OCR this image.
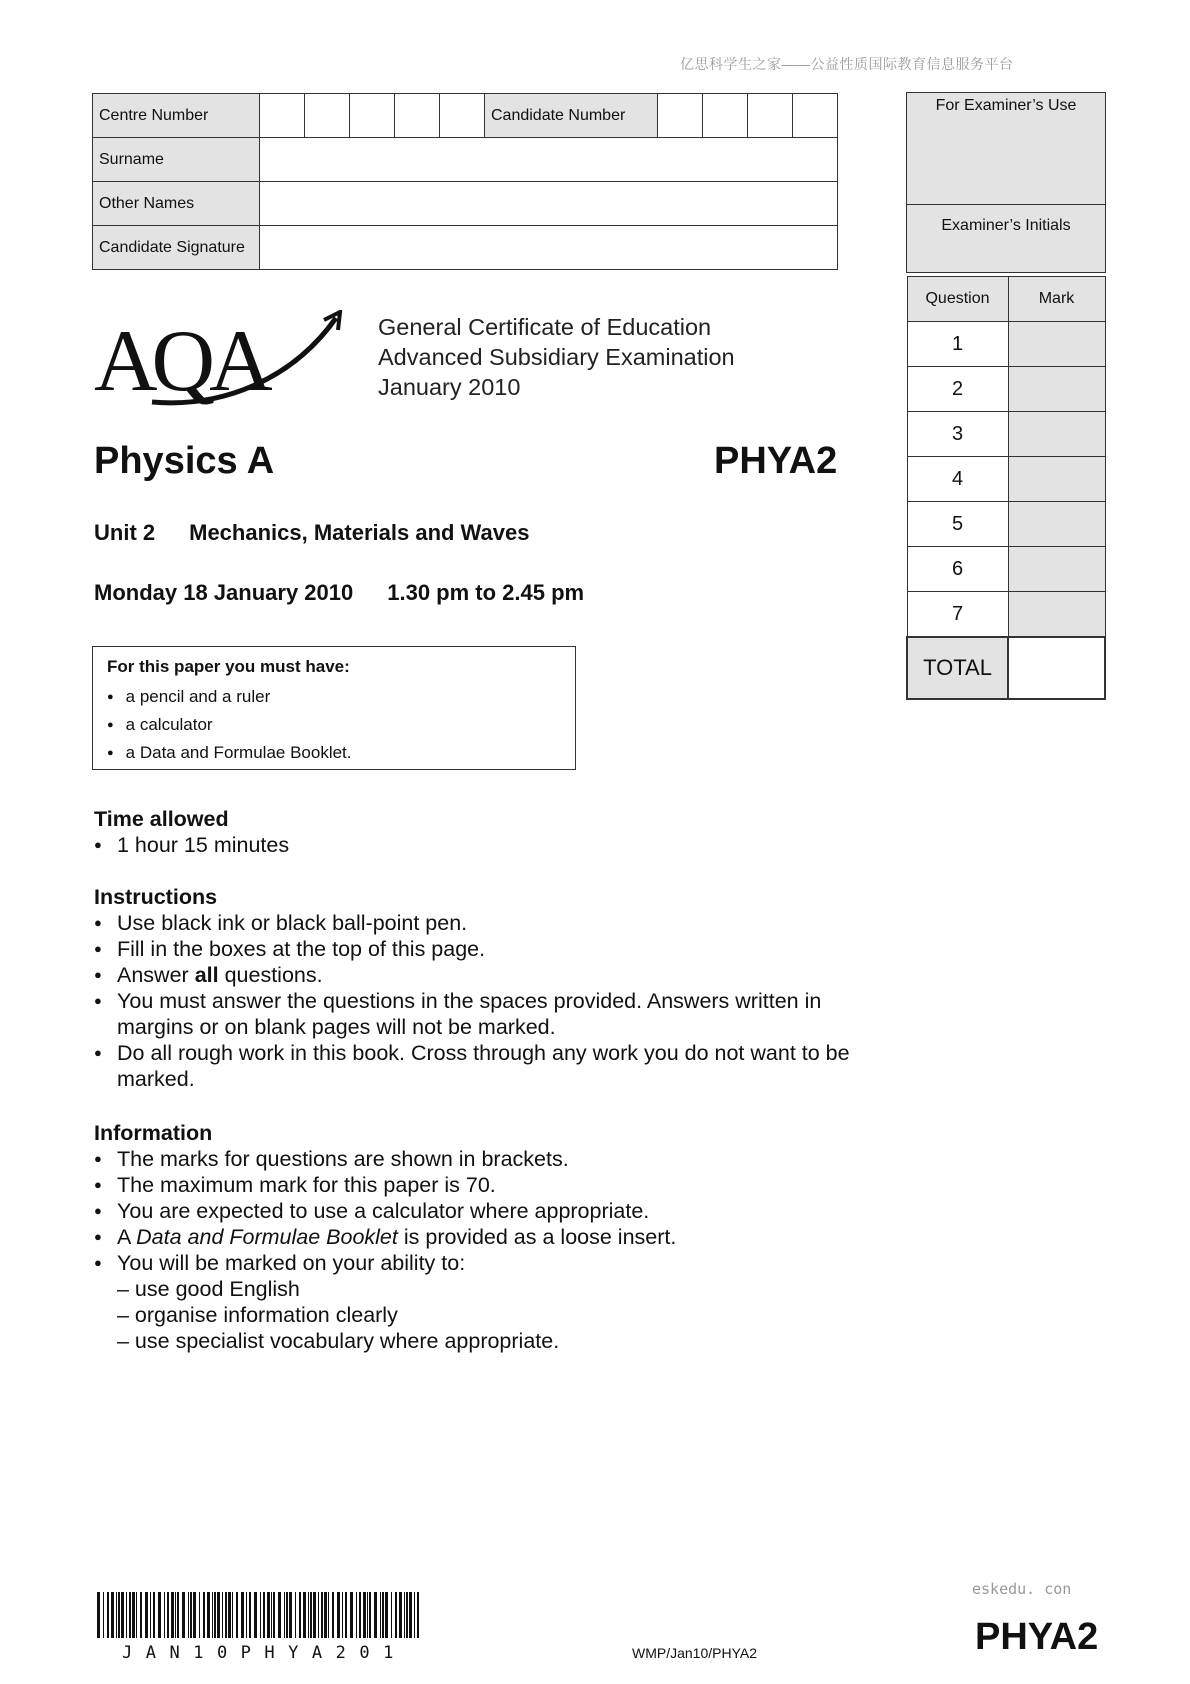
亿思科学生之家——公益性质国际教育信息服务平台
Centre Number						Candidate Number				
Surname										
Other Names										
Candidate Signature										
For Examiner’s Use
Examiner’s Initials
Question	Mark
1	
2	
3	
4	
5	
6	
7	
TOTAL	
AQA	General Certificate of Education
Advanced Subsidiary Examination
January 2010
Physics A	PHYA2
Unit 2 Mechanics, Materials and Waves
Monday 18 January 2010 1.30 pm to 2.45 pm
For this paper you must have:
● a pencil and a ruler
● a calculator
● a Data and Formulae Booklet.
Time allowed
● 1 hour 15 minutes
Instructions
● Use black ink or black ball-point pen.
● Fill in the boxes at the top of this page.
● Answer all questions.
● You must answer the questions in the spaces provided. Answers written in margins or on blank pages will not be marked.
● Do all rough work in this book. Cross through any work you do not want to be marked.
Information
● The marks for questions are shown in brackets.
● The maximum mark for this paper is 70.
● You are expected to use a calculator where appropriate.
● A Data and Formulae Booklet is provided as a loose insert.
● You will be marked on your ability to:
– use good English
– organise information clearly
– use specialist vocabulary where appropriate.
eskedu. con
JAN10PHYA201	WMP/Jan10/PHYA2	PHYA2
